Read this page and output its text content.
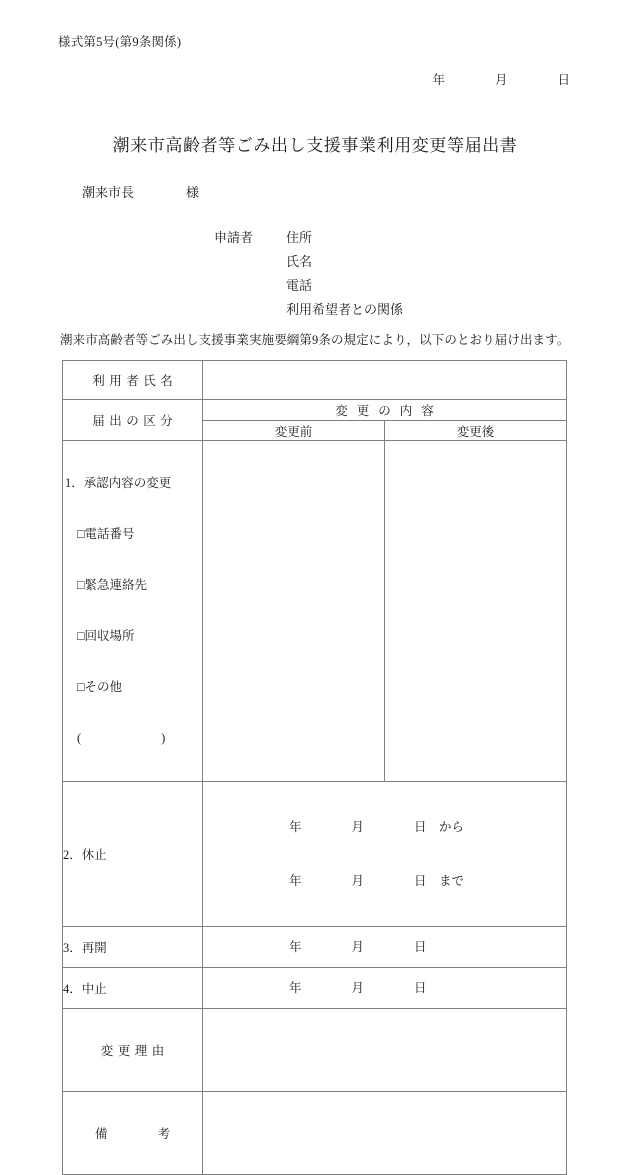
様式第5号(第9条関係)
年　　　　月　　　　日
潮来市高齢者等ごみ出し支援事業利用変更等届出書
潮来市長　　　　様
申請者	住所
氏名
電話
利用希望者との関係
潮来市高齢者等ごみ出し支援事業実施要綱第9条の規定により，以下のとおり届け出ます。
利用者氏名	
届出の区分	
変更の内容
変更前	変更後

1．承認内容の変更

□電話番号

□緊急連絡先

□回収場所

□その他

(	)

2．休止	

年　　　　月　　　　日　から

年　　　　月　　　　日　まで

3．再開	年　　　　月　　　　日

4．中止	年　　　　月　　　　日

変更理由	
備　　　　考	
